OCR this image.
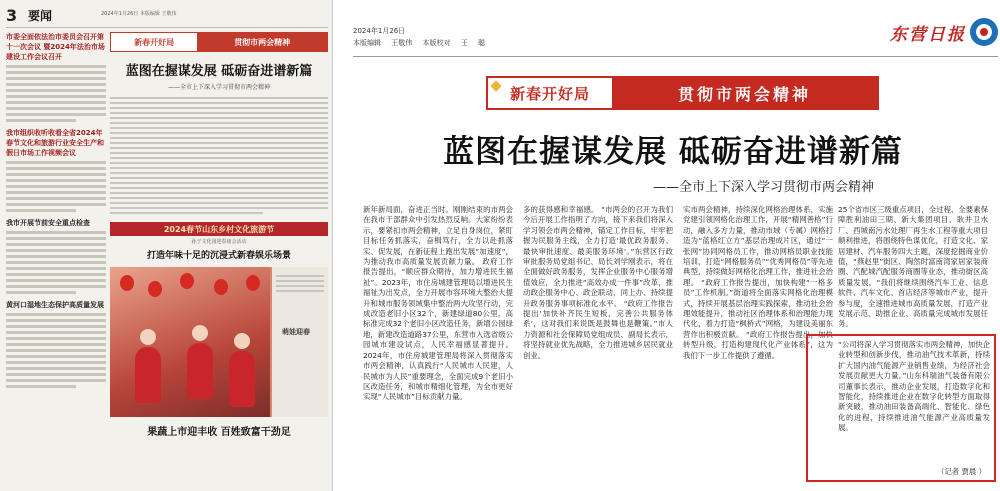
3 要闻	2024年1月26日 本版编辑 王敬伟
市委全面依法治市委员会召开第十一次会议 暨2024年法治市场建设工作会议召开
我市组织收听收看全省2024年春节文化和旅游行业安全生产和假日市场工作视频会议
我市开展节前安全重点检查
黄河口湿地生态保护高质量发展
新春开好局	贯彻市两会精神
蓝图在握谋发展 砥砺奋进谱新篇
——全市上下深入学习贯彻市两会精神
2024春节山东乡村文化旅游节
孙子文化园迎春庙会活动
打造年味十足的沉浸式新春娱乐场景
萌娃迎春
果蔬上市迎丰收 百姓致富干劲足
2024年1月26日
本版编辑 王敬伟 本版校对 王 聪	东营日报
新春开好局	贯彻市两会精神
蓝图在握谋发展 砥砺奋进谱新篇
——全市上下深入学习贯彻市两会精神
新年新局面，奋进正当时。刚刚结束的市两会在我市干部群众中引发热烈反响。大家纷纷表示，要紧扣市两会精神，立足自身岗位，紧盯目标任务抓落实，奋楫笃行，全力以赴抓落实、促发展，在新征程上跑出发展“加速度”，为推动我市高质量发展贡献力量。 政府工作报告提出，“顺应群众期待，加力增进民生福祉”。2023年，市住房城建管理局以增进民生福祉为出发点，全力开展市容环境大整治大提升和城市服务领域集中整治两大攻坚行动，完成改造老旧小区32个，新建绿道80公里，高标准完成32个老旧小区改造任务，新增公园绿地，新建改造道路37公里，东营市入选省级公园城市建设试点，人民幸福感显著提升。2024年，市住房城建管理局将深入贯彻落实市两会精神，认真践行“人民城市人民建，人民城市为人民”重要理念，全面完成9个老旧小区改造任务，和城市精细化管理，为全市更好实现“人民城市”目标贡献力量。
多的获得感和幸福感。 “市两会的召开为我们今后开展工作指明了方向，接下来我们将深入学习领会市两会精神，锚定工作目标，牢牢把握为民服务主线，全力打造‘最优政务服务、最快审批速度、最美服务环境’。”东营区行政审批服务局党组书记、局长刘学刚表示，将在全面做好政务服务，发挥企业服务中心服务增值效应，全力推进“高效办成一件事”改革，推动政企服务中心、政企联动，同上办、持续提升政务服务事项标准化水平。 “政府工作报告提出‘加快补齐民生短板，完善公共服务体系’，这对我们来说既是鼓舞也是鞭策。”市人力资源和社会保障局党组成员、副局长表示，将坚持就业优先战略，全力推进城乡居民就业创业。
实市两会精神，持续深化网格治理体系，实施党建引领网格化治理工作，开展“精网善格”行动，融入多方力量，推动市域（专属）网格打造为“蓝格红立方”基层治理成片区，通过“一张网”协同网格员工作，推动网格员职业技能培训，打造“网格服务员”“优秀网格员”等先进典型，持续做好网格化治理工作，推进社会治理。 “政府工作报告提出，加快构建“一格多员”工作机制。”街道将全面落实网格化治理模式，持续开展基层治理实践探索，推动社会治理效能提升，推动社区治理体系和治理能力现代化，着力打造“枫桥式”网格，为建设美丽东营作出积极贡献。 “政府工作报告提出，加快转型升级，打造构建现代化产业体系”，这为我们下一步工作提供了遵循。
25个省市区三级重点项目，全过程、全要素保障胜利油田三期、新大集团项目、耿井卫水厂、西城南污水处理厂再生水工程等重大项目顺利推进，将围绕特色谋优化，打造文化、家居建材、汽车服务四大主题，深度挖掘商业价值，“燕赵里”街区、陶然时富南湾家居家装商圈、汽配城汽配服务商圈等业态，推动街区高质量发展。“我们将继续围绕汽车工业、信息软件、汽车文化、首店经济等城市产业，提升参与度，全速推进城市高质量发展，打造产业发展示范、助推企业、高质量完成城市发展任务。
“公司将深入学习贯彻落实市两会精神，加快企业转型和创新步伐，推动油气技术革新，持续扩大国内油气能源产业销售业绩，为经济社会发展贡献更大力量。”山东科瑞油气装备有限公司董事长表示，推动企业发展，打造数字化和智能化，持续推进企业在数字化转型方面取得新突破，推动油田装备高端化、智能化、绿色化的进程，持续推进油气能源产业高质量发展。
（记者 贾晨 ）
